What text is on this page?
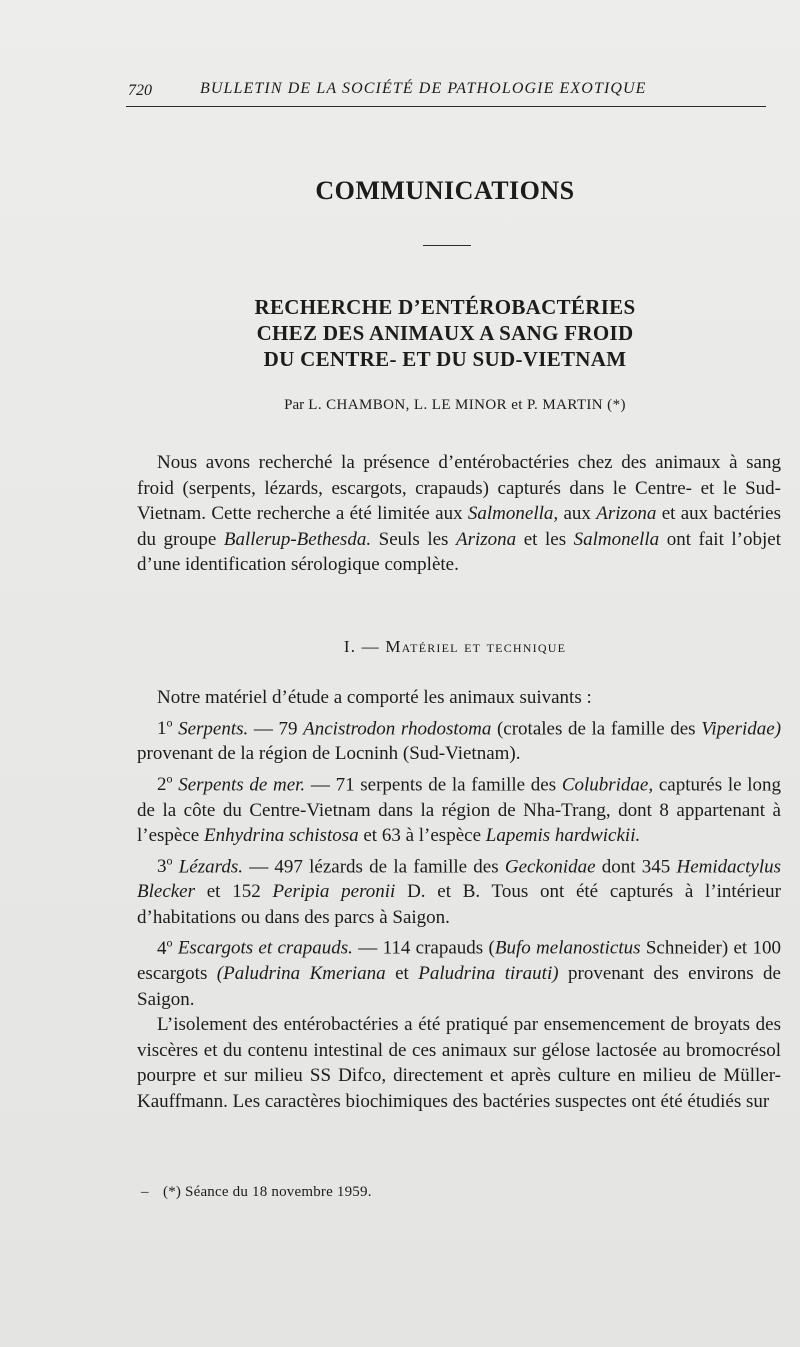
720	BULLETIN DE LA SOCIÉTÉ DE PATHOLOGIE EXOTIQUE
COMMUNICATIONS
RECHERCHE D’ENTÉROBACTÉRIES
CHEZ DES ANIMAUX A SANG FROID
DU CENTRE- ET DU SUD-VIETNAM
Par L. CHAMBON, L. LE MINOR et P. MARTIN (*)

Nous avons recherché la présence d’entérobactéries chez des animaux à sang froid (serpents, lézards, escargots, crapauds) capturés dans le Centre- et le Sud-Vietnam. Cette recherche a été limitée aux Salmonella, aux Arizona et aux bactéries du groupe Ballerup-Bethesda. Seuls les Arizona et les Salmonella ont fait l’objet d’une identification sérologique complète.

I. — Matériel et technique

Notre matériel d’étude a comporté les animaux suivants :

1$^o$ Serpents. — 79 Ancistrodon rhodostoma (crotales de la famille des Viperidae) provenant de la région de Locninh (Sud-Vietnam).

2$^o$ Serpents de mer. — 71 serpents de la famille des Colubridae, capturés le long de la côte du Centre-Vietnam dans la région de Nha-Trang, dont 8 appartenant à l’espèce Enhydrina schistosa et 63 à l’espèce Lapemis hardwickii.

3$^o$ Lézards. — 497 lézards de la famille des Geckonidae dont 345 Hemidactylus Blecker et 152 Peripia peronii D. et B. Tous ont été capturés à l’intérieur d’habitations ou dans des parcs à Saigon.

4$^o$ Escargots et crapauds. — 114 crapauds (Bufo melanostictus Schneider) et 100 escargots (Paludrina Kmeriana et Paludrina tirauti) provenant des environs de Saigon.

L’isolement des entérobactéries a été pratiqué par ensemencement de broyats des viscères et du contenu intestinal de ces animaux sur gélose lactosée au bromocrésol pourpre et sur milieu SS Difco, directement et après culture en milieu de Müller-Kauffmann. Les caractères biochimiques des bactéries suspectes ont été étudiés sur

– (*) Séance du 18 novembre 1959.
